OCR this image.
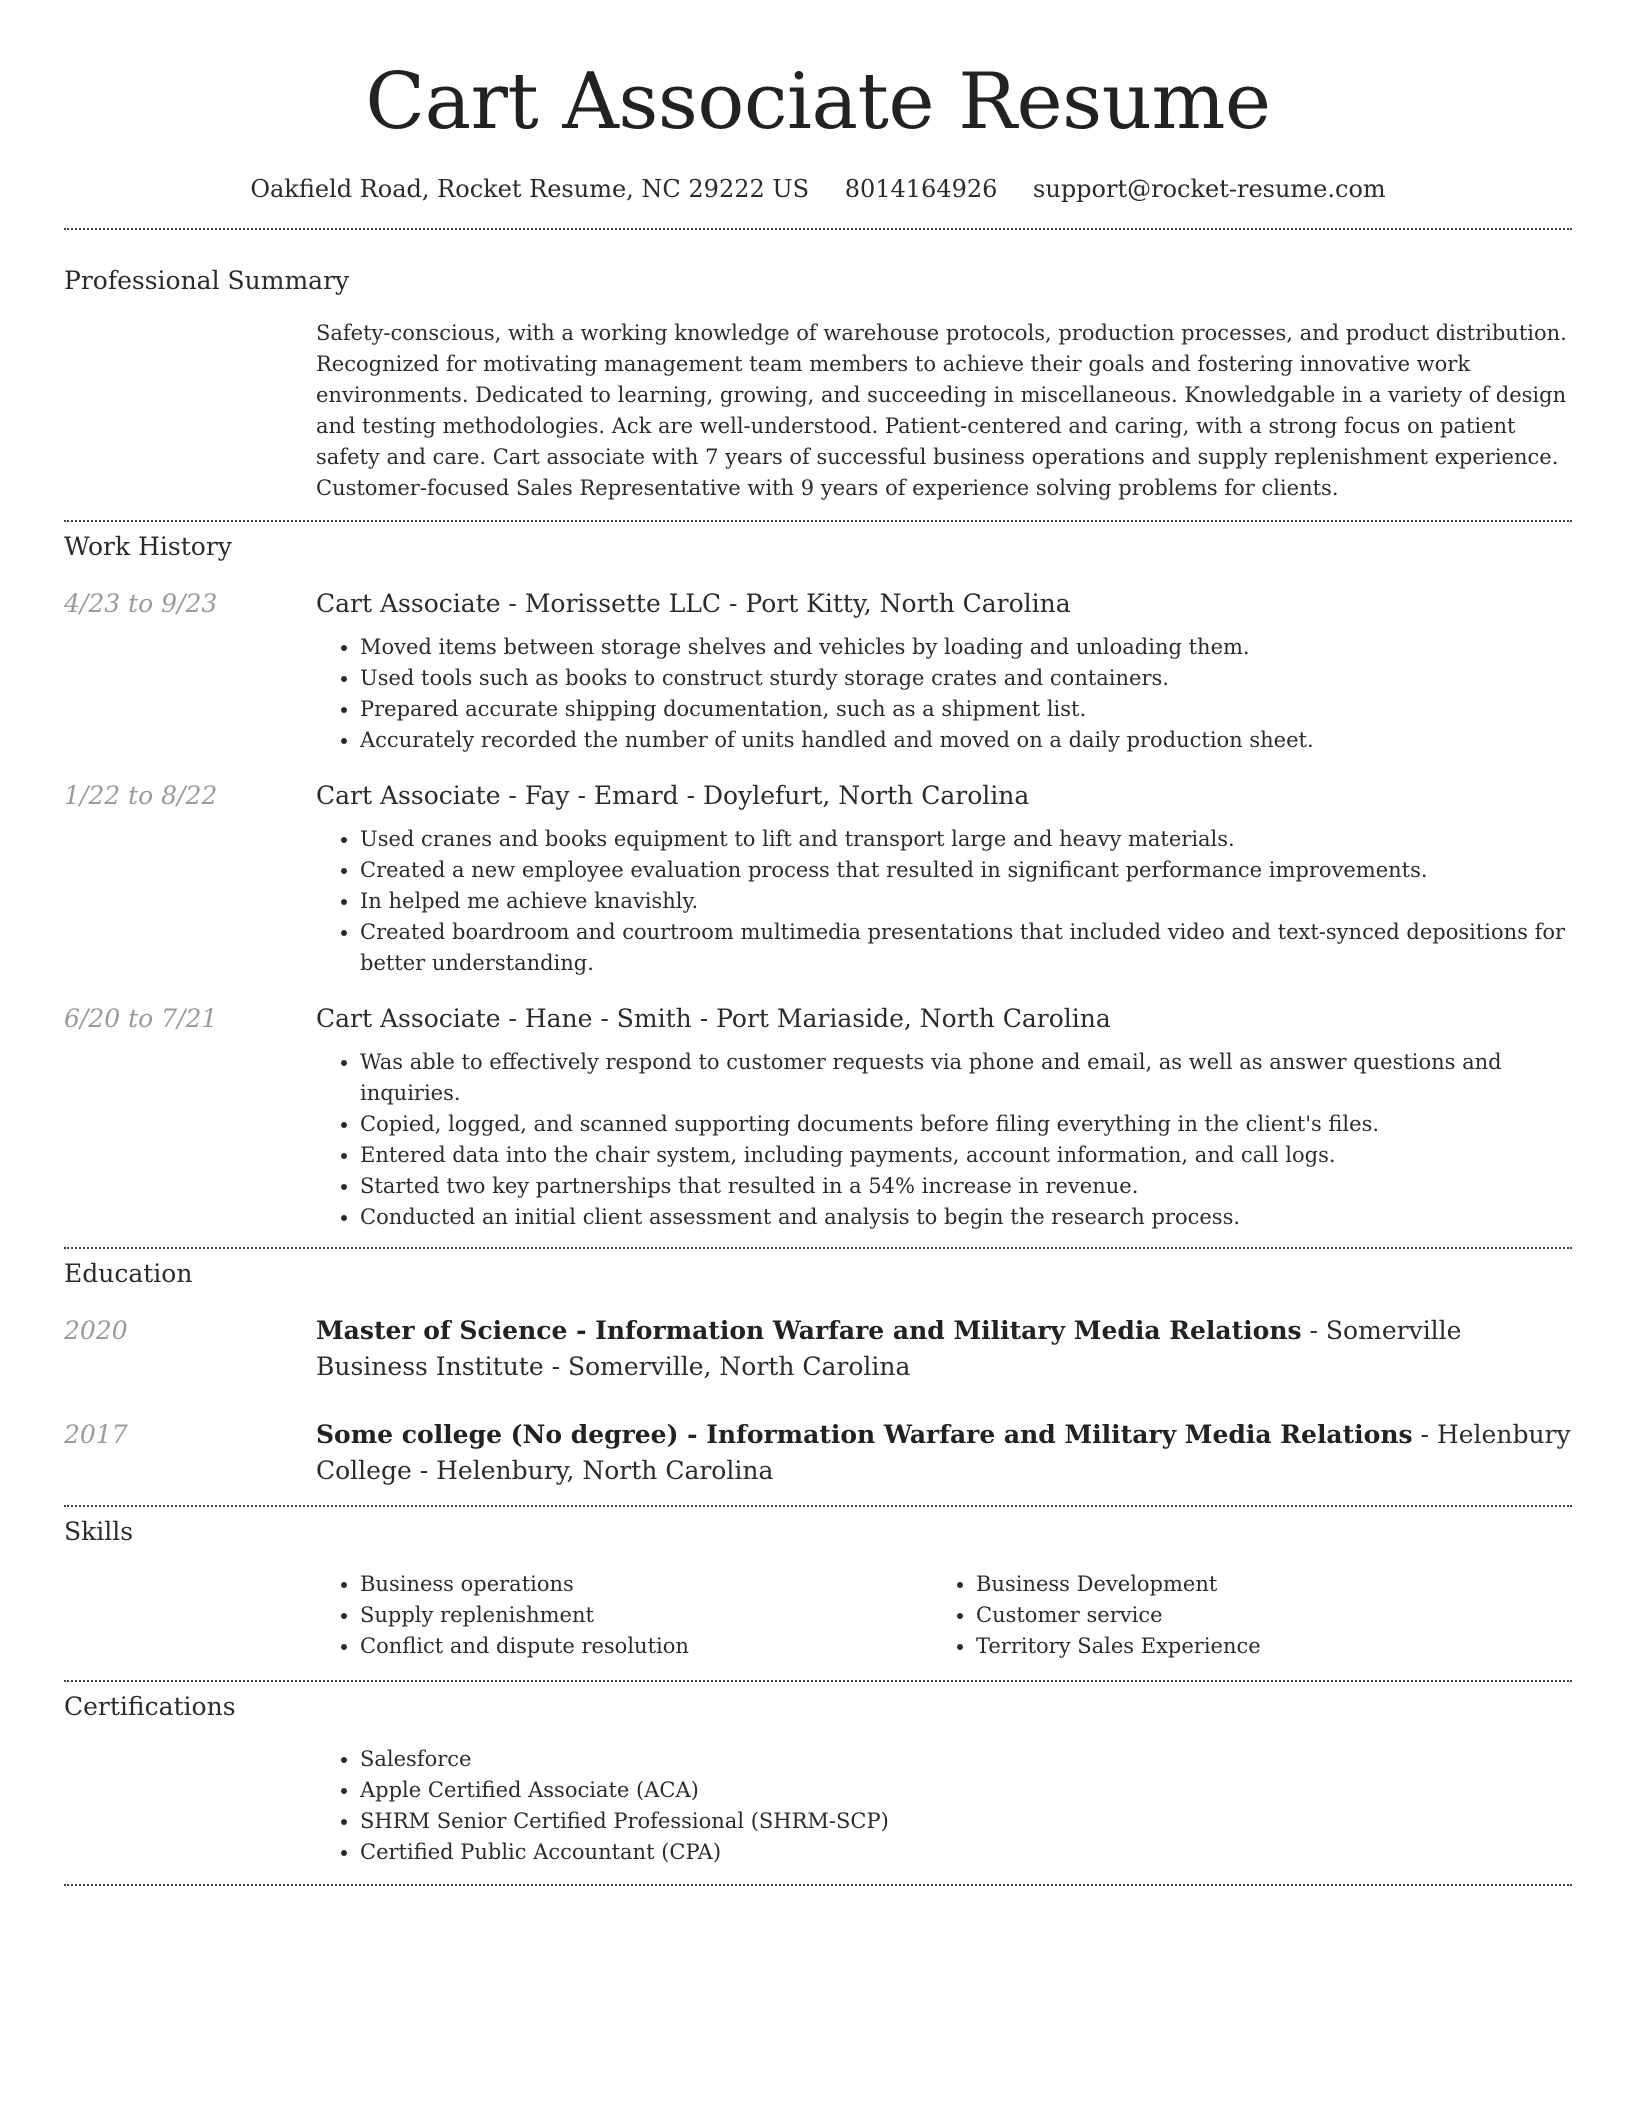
Cart Associate Resume
Oakfield Road, Rocket Resume, NC 29222 US 8014164926 support@rocket-resume.com
Professional Summary

Safety-conscious, with a working knowledge of warehouse protocols, production processes, and product distribution. Recognized for motivating management team members to achieve their goals and fostering innovative work environments. Dedicated to learning, growing, and succeeding in miscellaneous. Knowledgable in a variety of design and testing methodologies. Ack are well-understood. Patient-centered and caring, with a strong focus on patient safety and care. Cart associate with 7 years of successful business operations and supply replenishment experience. Customer-focused Sales Representative with 9 years of experience solving problems for clients.

Work History
4/23 to 9/23	Cart Associate - Morissette LLC - Port Kitty, North Carolina

• Moved items between storage shelves and vehicles by loading and unloading them.
• Used tools such as books to construct sturdy storage crates and containers.
• Prepared accurate shipping documentation, such as a shipment list.
• Accurately recorded the number of units handled and moved on a daily production sheet.
1/22 to 8/22	Cart Associate - Fay - Emard - Doylefurt, North Carolina

• Used cranes and books equipment to lift and transport large and heavy materials.
• Created a new employee evaluation process that resulted in significant performance improvements.
• In helped me achieve knavishly.
• Created boardroom and courtroom multimedia presentations that included video and text-synced depositions for better understanding.
6/20 to 7/21	Cart Associate - Hane - Smith - Port Mariaside, North Carolina

• Was able to effectively respond to customer requests via phone and email, as well as answer questions and inquiries.
• Copied, logged, and scanned supporting documents before filing everything in the client's files.
• Entered data into the chair system, including payments, account information, and call logs.
• Started two key partnerships that resulted in a 54% increase in revenue.
• Conducted an initial client assessment and analysis to begin the research process.
Education
2020	Master of Science - Information Warfare and Military Media Relations - Somerville Business Institute - Somerville, North Carolina

2017	Some college (No degree) - Information Warfare and Military Media Relations - Helenbury College - Helenbury, North Carolina

Skills
• Business operations
• Supply replenishment
• Conflict and dispute resolution
• Business Development
• Customer service
• Territory Sales Experience
Certifications
• Salesforce
• Apple Certified Associate (ACA)
• SHRM Senior Certified Professional (SHRM-SCP)
• Certified Public Accountant (CPA)
